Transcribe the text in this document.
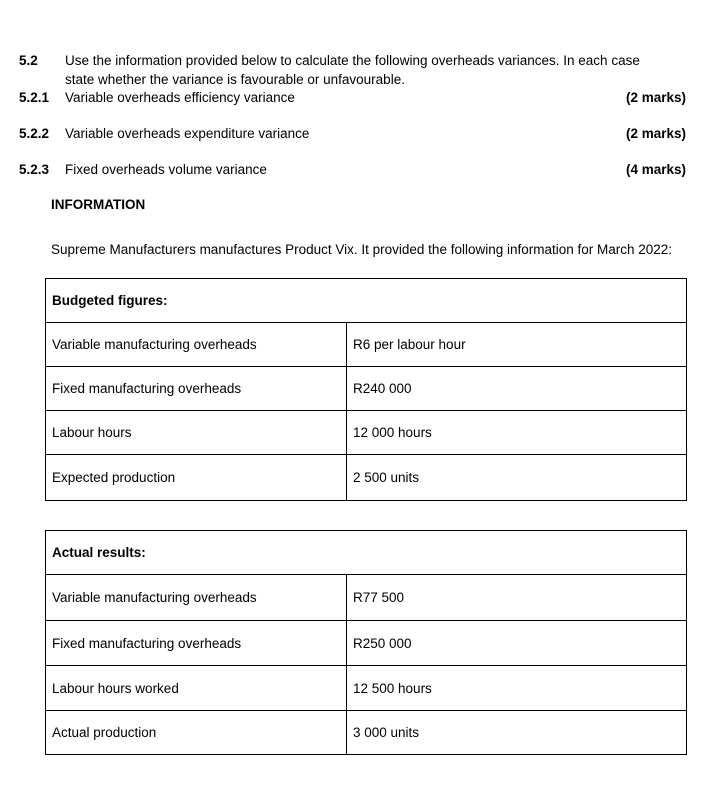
5.2 Use the information provided below to calculate the following overheads variances. In each case
state whether the variance is favourable or unfavourable.
5.2.1 Variable overheads efficiency variance	(2 marks)
5.2.2 Variable overheads expenditure variance	(2 marks)
5.2.3 Fixed overheads volume variance	(4 marks)
INFORMATION
Supreme Manufacturers manufactures Product Vix. It provided the following information for March 2022:
Budgeted figures:	
Variable manufacturing overheads	R6 per labour hour
Fixed manufacturing overheads	R240 000
Labour hours	12 000 hours
Expected production	2 500 units
Actual results:	
Variable manufacturing overheads	R77 500
Fixed manufacturing overheads	R250 000
Labour hours worked	12 500 hours
Actual production	3 000 units
